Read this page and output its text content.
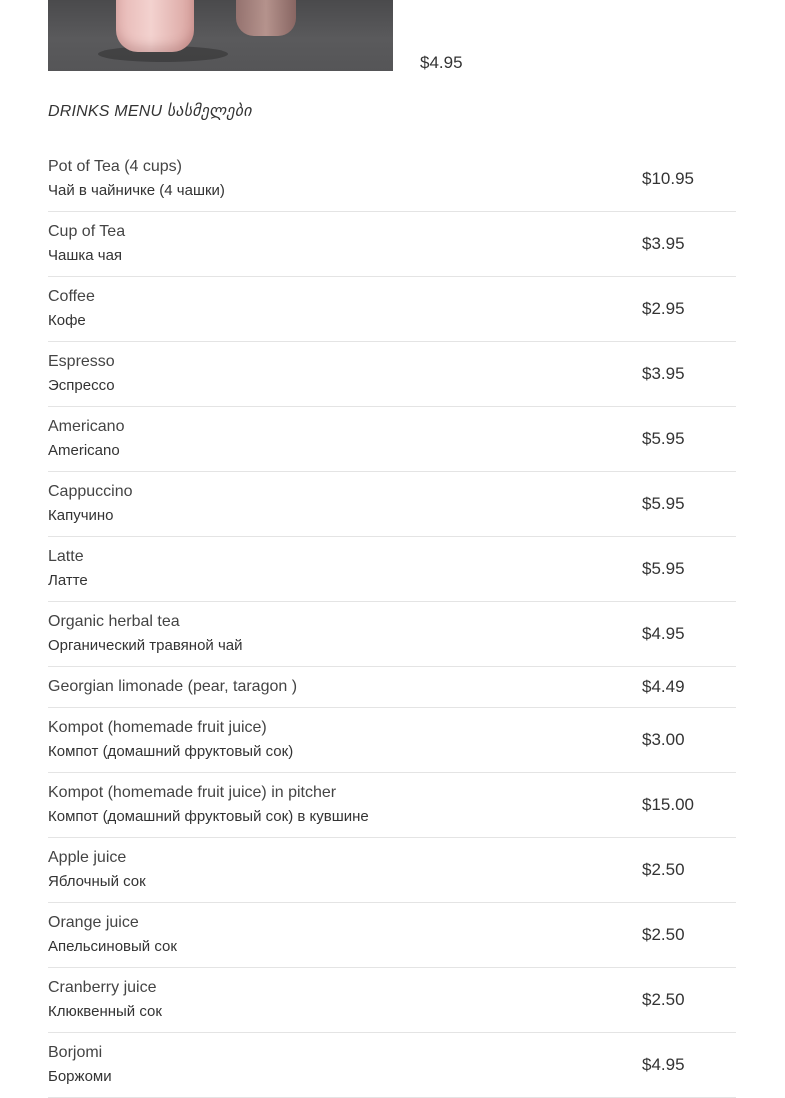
$4.95
DRINKS MENU სასმელები
Pot of Tea (4 cups)
Чай в чайничке (4 чашки)
$10.95
Cup of Tea
Чашка чая
$3.95
Coffee
Кофе
$2.95
Espresso
Эспрессо
$3.95
Americano
Americano
$5.95
Cappuccino
Капучино
$5.95
Latte
Латте
$5.95
Organic herbal tea
Органический травяной чай
$4.95
Georgian limonade (pear, taragon )	$4.49
Kompot (homemade fruit juice)
Компот (домашний фруктовый сок)
$3.00
Kompot (homemade fruit juice) in pitcher
Компот (домашний фруктовый сок) в кувшине
$15.00
Apple juice
Яблочный сок
$2.50
Orange juice
Апельсиновый сок
$2.50
Cranberry juice
Клюквенный сок
$2.50
Borjomi
Боржоми
$4.95
